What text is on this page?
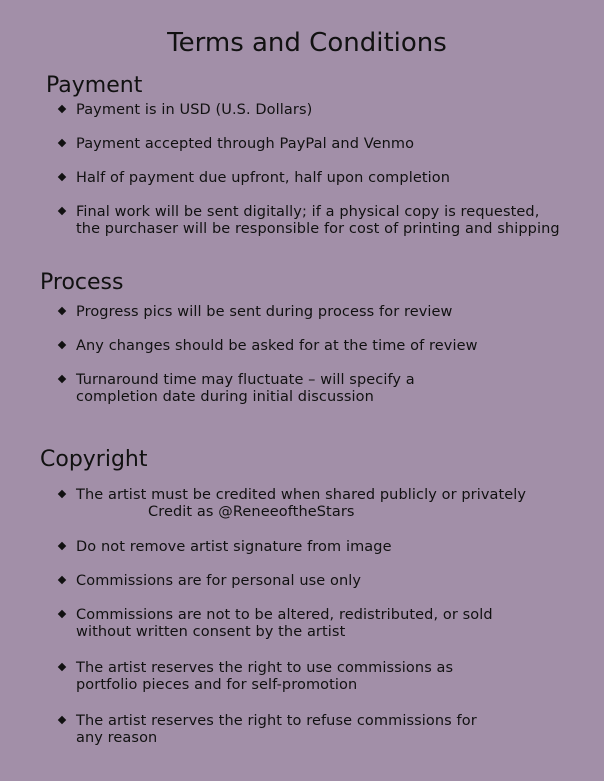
Terms and Conditions
Payment
Payment is in USD (U.S. Dollars)
Payment accepted through PayPal and Venmo
Half of payment due upfront, half upon completion
Final work will be sent digitally; if a physical copy is requested, the purchaser will be responsible for cost of printing and shipping
Process
Progress pics will be sent during process for review
Any changes should be asked for at the time of review
Turnaround time may fluctuate – will specify a completion date during initial discussion
Copyright
The artist must be credited when shared publicly or privately
Credit as @ReneeoftheStars
Do not remove artist signature from image
Commissions are for personal use only
Commissions are not to be altered, redistributed, or sold without written consent by the artist
The artist reserves the right to use commissions as portfolio pieces and for self-promotion
The artist reserves the right to refuse commissions for any reason
